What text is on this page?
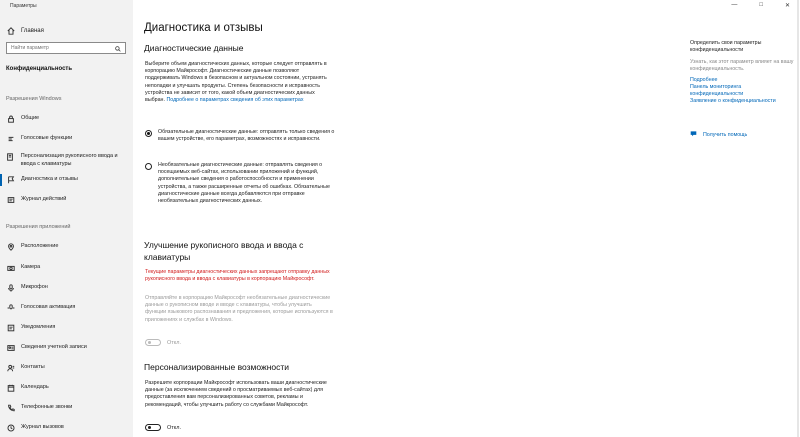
Параметры
Главная
Найти параметр
Конфиденциальность
Разрешения Windows
Общие
Голосовые функции
Персонализация рукописного ввода и ввода с клавиатуры
Диагностика и отзывы
Журнал действий
Разрешения приложений
Расположение
Камера
Микрофон
Голосовая активация
Уведомления
Сведения учетной записи
Контакты
Календарь
Телефонные звонки
Журнал вызовов
—	□	✕
Диагностика и отзывы
Диагностические данные
Выберите объем диагностических данных, которые следует отправлять в корпорацию Майкрософт. Диагностические данные позволяют поддерживать Windows в безопасном и актуальном состоянии, устранять неполадки и улучшать продукты. Степень безопасности и исправность устройства не зависит от того, какой объем диагностических данных выбран. Подробнее о параметрах сведения об этих параметрах
Обязательные диагностические данные: отправлять только сведения о вашем устройстве, его параметрах, возможностях и исправности.
Необязательные диагностические данные: отправлять сведения о посещаемых веб-сайтах, использовании приложений и функций, дополнительные сведения о работоспособности и применении устройства, а также расширенные отчеты об ошибках. Обязательные диагностические данные всегда добавляются при отправке необязательных диагностических данных.
Улучшение рукописного ввода и ввода с клавиатуры
Текущие параметры диагностических данных запрещают отправку данных рукописного ввода и ввода с клавиатуры в корпорацию Майкрософт.
Отправляйте в корпорацию Майкрософт необязательные диагностические данные о рукописном вводе и вводе с клавиатуры, чтобы улучшить функции языкового распознавания и предложения, которые используются в приложениях и службах в Windows.
Откл.
Персонализированные возможности
Разрешите корпорации Майкрософт использовать ваши диагностические данные (за исключением сведений о просматриваемых веб-сайтах) для предоставления вам персонализированных советов, рекламы и рекомендаций, чтобы улучшить работу со службами Майкрософт.
Откл.
Определить свои параметры конфиденциальности
Узнать, как этот параметр влияет на вашу конфиденциальность.
Подробнее
Панель мониторинга конфиденциальности
Заявление о конфиденциальности
Получить помощь
